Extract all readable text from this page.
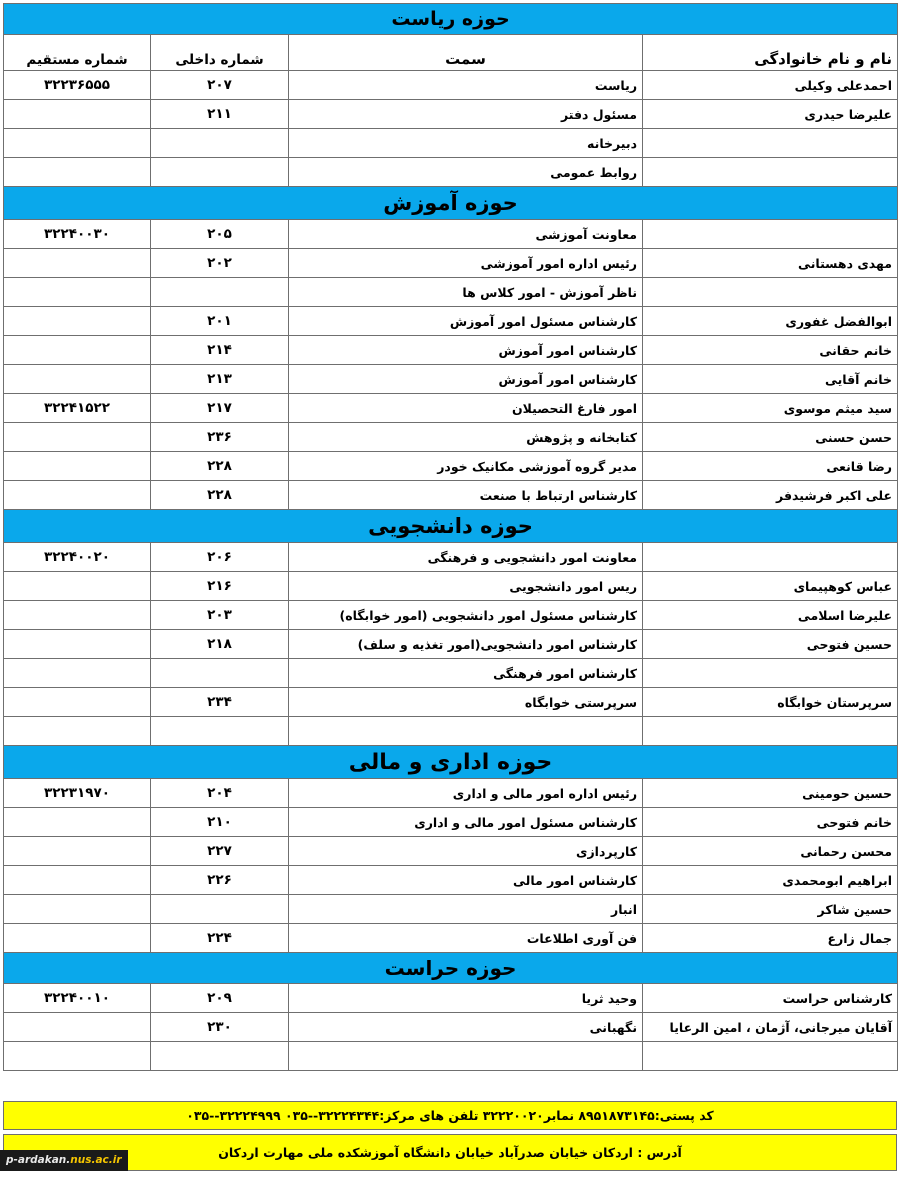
حوزه ریاست			
نام و نام خانوادگی	سمت	شماره داخلی	شماره مستقیم
احمدعلی وکیلی	ریاست	۲۰۷	۳۲۲۳۶۵۵۵
علیرضا حیدری	مسئول دفتر	۲۱۱	
	دبیرخانه		
	روابط عمومی		
حوزه آموزش			
	معاونت آموزشی	۲۰۵	۳۲۲۴۰۰۳۰
مهدی دهستانی	رئیس اداره امور آموزشی	۲۰۲	
	ناظر آموزش - امور کلاس ها		
ابوالفضل غفوری	کارشناس مسئول امور آموزش	۲۰۱	
خانم حقانی	کارشناس امور آموزش	۲۱۴	
خانم آقایی	کارشناس امور آموزش	۲۱۳	
سید میثم موسوی	امور فارغ التحصیلان	۲۱۷	۳۲۲۴۱۵۲۲
حسن حسنی	کتابخانه و پژوهش	۲۳۶	
رضا قانعی	مدیر گروه آموزشی مکانیک خودر	۲۲۸	
علی اکبر فرشیدفر	کارشناس ارتباط با صنعت	۲۲۸	
حوزه دانشجویی			
	معاونت امور دانشجویی و فرهنگی	۲۰۶	۳۲۲۴۰۰۲۰
عباس کوهپیمای	ریس امور دانشجویی	۲۱۶	
علیرضا اسلامی	کارشناس مسئول امور دانشجویی (امور خوابگاه)	۲۰۳	
حسین فتوحی	کارشناس امور دانشجویی(امور تغذیه و سلف)	۲۱۸	
	کارشناس امور فرهنگی		
سرپرستان خوابگاه	سرپرستی خوابگاه	۲۳۴	

حوزه اداری و مالی			
حسین حومینی	رئیس اداره امور مالی و اداری	۲۰۴	۳۲۲۳۱۹۷۰
خانم فتوحی	کارشناس مسئول امور مالی و اداری	۲۱۰	
محسن رحمانی	کارپردازی	۲۲۷	
ابراهیم ابومحمدی	کارشناس امور مالی	۲۲۶	
حسین شاکر	انبار		
جمال زارع	فن آوری اطلاعات	۲۲۴	
حوزه حراست			
کارشناس حراست	وحید ثریا	۲۰۹	۳۲۲۴۰۰۱۰
آقایان میرجانی، آژمان ، امین الرعایا	نگهبانی	۲۳۰	

کد پستی:۸۹۵۱۸۷۳۱۴۵ نمابر۳۲۲۲۰۰۲۰ تلفن های مرکز:۳۲۲۲۴۳۴۴--۰۳۵ ۳۲۲۲۴۹۹۹--۰۳۵
آدرس : اردکان خیابان صدرآباد خیابان دانشگاه آموزشکده ملی مهارت اردکان
p-ardakan.nus.ac.ir
